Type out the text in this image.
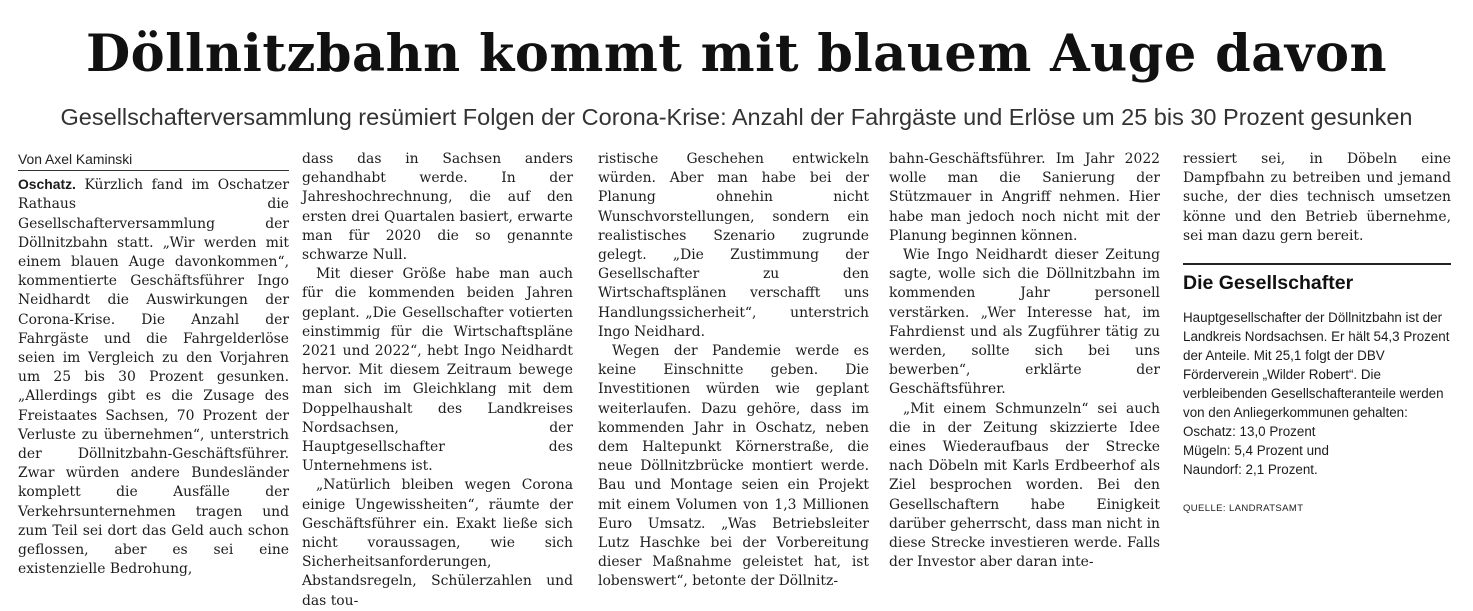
Döllnitzbahn kommt mit blauem Auge davon

Gesellschafterversammlung resümiert Folgen der Corona-Krise: Anzahl der Fahrgäste und Erlöse um 25 bis 30 Prozent gesunken

Von Axel Kaminski

Oschatz. Kürzlich fand im Oschatzer Rathaus die Gesellschafterversammlung der Döllnitzbahn statt. „Wir werden mit einem blauen Auge davonkommen“, kommentierte Geschäftsführer Ingo Neidhardt die Auswirkungen der Corona-Krise. Die Anzahl der Fahrgäste und die Fahrgelderlöse seien im Vergleich zu den Vorjahren um 25 bis 30 Prozent gesunken. „Allerdings gibt es die Zusage des Freistaates Sachsen, 70 Prozent der Verluste zu übernehmen“, unterstrich der Döllnitzbahn-Geschäftsführer. Zwar würden andere Bundesländer komplett die Ausfälle der Verkehrsunternehmen tragen und zum Teil sei dort das Geld auch schon geflossen, aber es sei eine existenzielle Bedrohung,

dass das in Sachsen anders gehandhabt werde. In der Jahreshochrechnung, die auf den ersten drei Quartalen basiert, erwarte man für 2020 die so genannte schwarze Null.

Mit dieser Größe habe man auch für die kommenden beiden Jahren geplant. „Die Gesellschafter votierten einstimmig für die Wirtschaftspläne 2021 und 2022“, hebt Ingo Neidhardt hervor. Mit diesem Zeitraum bewege man sich im Gleichklang mit dem Doppelhaushalt des Landkreises Nordsachsen, der Hauptgesellschafter des Unternehmens ist.

„Natürlich bleiben wegen Corona einige Ungewissheiten“, räumte der Geschäftsführer ein. Exakt ließe sich nicht voraussagen, wie sich Sicherheitsanforderungen, Abstandsregeln, Schülerzahlen und das tou-

ristische Geschehen entwickeln würden. Aber man habe bei der Planung ohnehin nicht Wunschvorstellungen, sondern ein realistisches Szenario zugrunde gelegt. „Die Zustimmung der Gesellschafter zu den Wirtschaftsplänen verschafft uns Handlungssicherheit“, unterstrich Ingo Neidhard.

Wegen der Pandemie werde es keine Einschnitte geben. Die Investitionen würden wie geplant weiterlaufen. Dazu gehöre, dass im kommenden Jahr in Oschatz, neben dem Haltepunkt Körnerstraße, die neue Döllnitzbrücke montiert werde. Bau und Montage seien ein Projekt mit einem Volumen von 1,3 Millionen Euro Umsatz. „Was Betriebsleiter Lutz Haschke bei der Vorbereitung dieser Maßnahme geleistet hat, ist lobenswert“, betonte der Döllnitz-

bahn-Geschäftsführer. Im Jahr 2022 wolle man die Sanierung der Stützmauer in Angriff nehmen. Hier habe man jedoch noch nicht mit der Planung beginnen können.

Wie Ingo Neidhardt dieser Zeitung sagte, wolle sich die Döllnitzbahn im kommenden Jahr personell verstärken. „Wer Interesse hat, im Fahrdienst und als Zugführer tätig zu werden, sollte sich bei uns bewerben“, erklärte der Geschäftsführer.

„Mit einem Schmunzeln“ sei auch die in der Zeitung skizzierte Idee eines Wiederaufbaus der Strecke nach Döbeln mit Karls Erdbeerhof als Ziel besprochen worden. Bei den Gesellschaftern habe Einigkeit darüber geherrscht, dass man nicht in diese Strecke investieren werde. Falls der Investor aber daran inte-

ressiert sei, in Döbeln eine Dampfbahn zu betreiben und jemand suche, der dies technisch umsetzen könne und den Betrieb übernehme, sei man dazu gern bereit.

Die Gesellschafter

Hauptgesellschafter der Döllnitzbahn ist der Landkreis Nordsachsen. Er hält 54,3 Prozent der Anteile. Mit 25,1 folgt der DBV Förderverein „Wilder Robert“. Die verbleibenden Gesellschafteranteile werden von den Anliegerkommunen gehalten:

Oschatz: 13,0 Prozent
Mügeln: 5,4 Prozent und
Naundorf: 2,1 Prozent.
QUELLE: LANDRATSAMT
